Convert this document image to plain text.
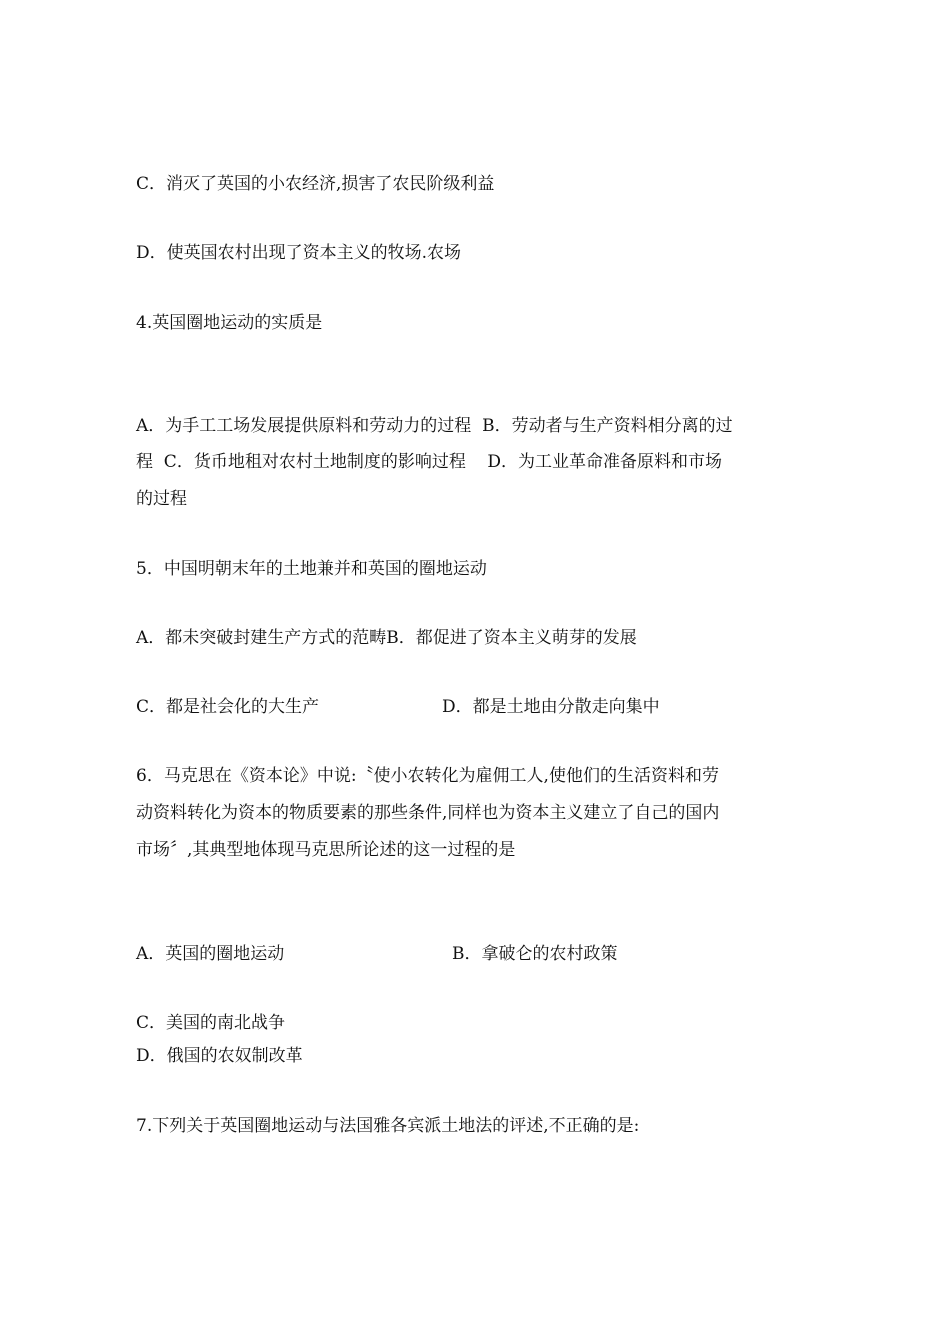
C．消灭了英国的小农经济,损害了农民阶级利益

D．使英国农村出现了资本主义的牧场.农场

4.英国圈地运动的实质是

A．为手工工场发展提供原料和劳动力的过程  B．劳动者与生产资料相分离的过

程  C．货币地租对农村土地制度的影响过程    D．为工业革命准备原料和市场

的过程

5．中国明朝末年的土地兼并和英国的圈地运动

A．都未突破封建生产方式的范畴B．都促进了资本主义萌芽的发展

C．都是社会化的大生产	D．都是土地由分散走向集中

6．马克思在《资本论》中说:〝使小农转化为雇佣工人,使他们的生活资料和劳

动资料转化为资本的物质要素的那些条件,同样也为资本主义建立了自己的国内

市场〞,其典型地体现马克思所论述的这一过程的是

A．英国的圈地运动	B．拿破仑的农村政策

C．美国的南北战争

D．俄国的农奴制改革

7.下列关于英国圈地运动与法国雅各宾派土地法的评述,不正确的是:
